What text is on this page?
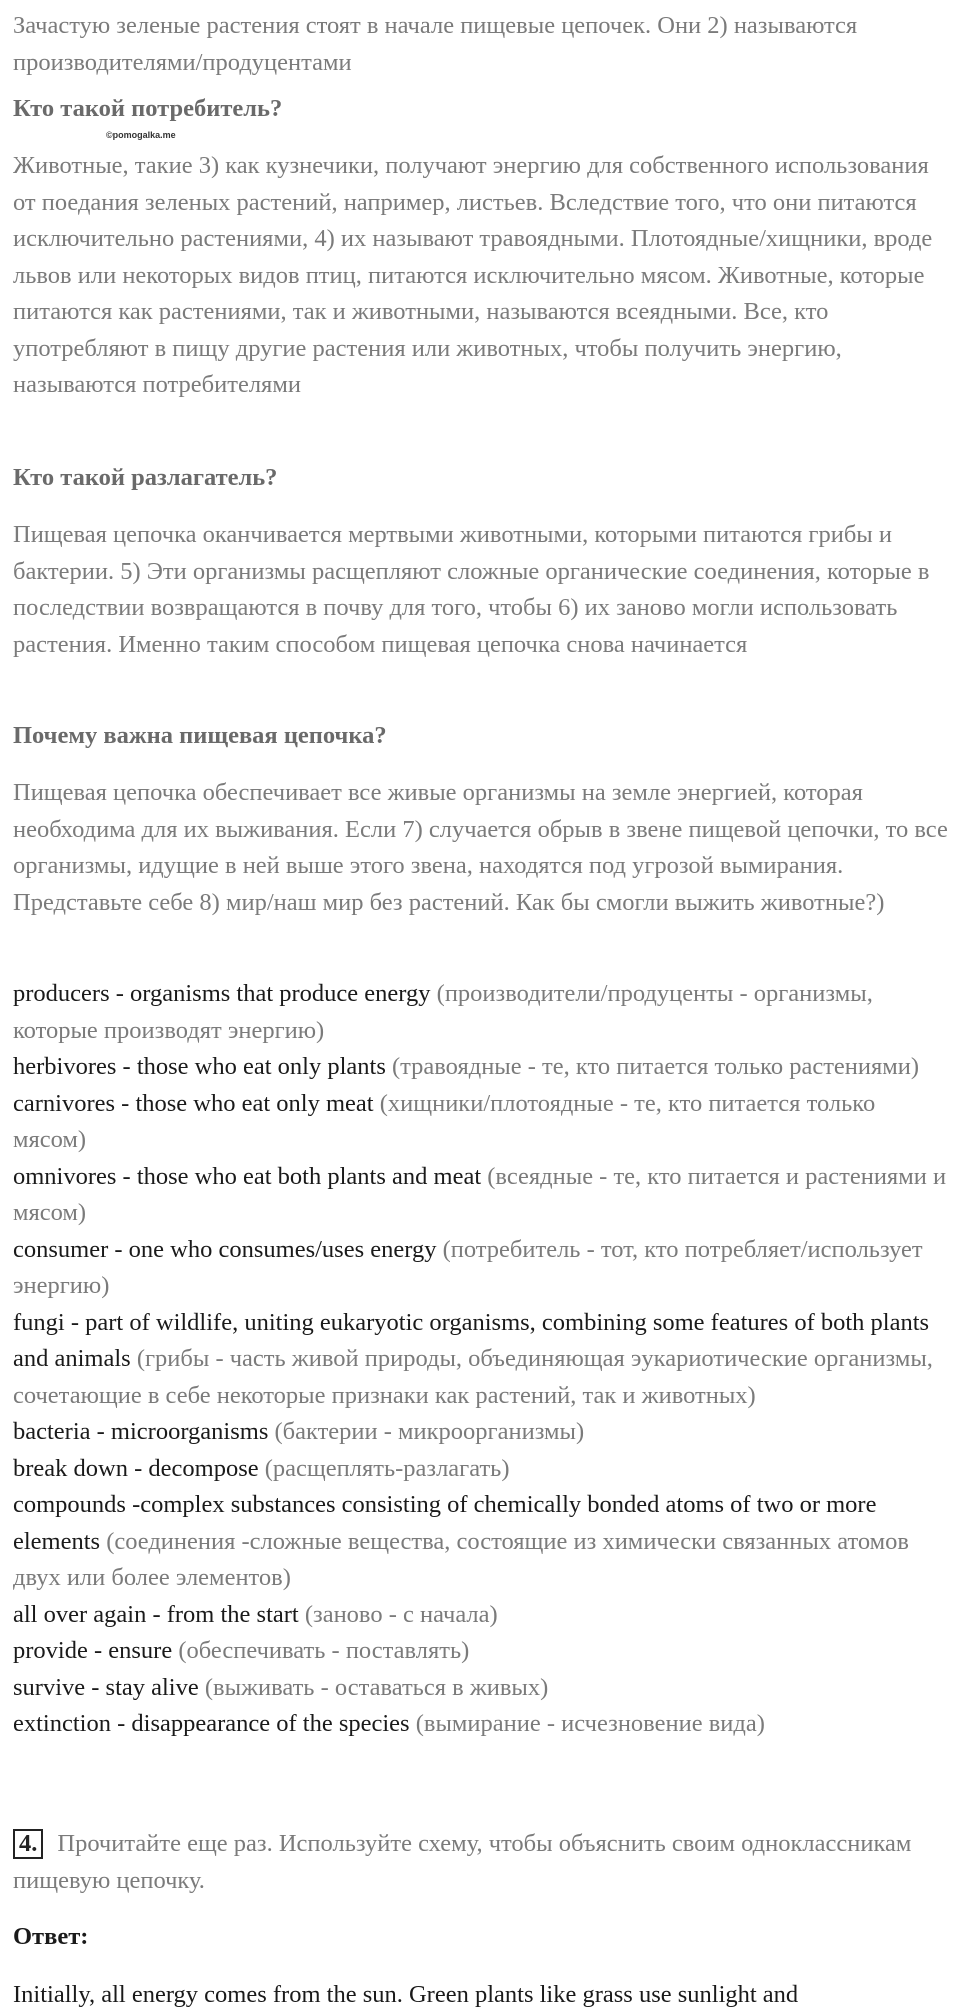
Зачастую зеленые растения стоят в начале пищевые цепочек. Они 2) называются производителями/продуцентами

Кто такой потребитель?

©pomogalka.me

Животные, такие 3) как кузнечики, получают энергию для собственного использования от поедания зеленых растений, например, листьев. Вследствие того, что они питаются исключительно растениями, 4) их называют травоядными. Плотоядные/хищники, вроде львов или некоторых видов птиц, питаются исключительно мясом. Животные, которые питаются как растениями, так и животными, называются всеядными. Все, кто употребляют в пищу другие растения или животных, чтобы получить энергию, называются потребителями

Кто такой разлагатель?

Пищевая цепочка оканчивается мертвыми животными, которыми питаются грибы и бактерии. 5) Эти организмы расщепляют сложные органические соединения, которые в последствии возвращаются в почву для того, чтобы 6) их заново могли использовать растения. Именно таким способом пищевая цепочка снова начинается

Почему важна пищевая цепочка?

Пищевая цепочка обеспечивает все живые организмы на земле энергией, которая необходима для их выживания. Если 7) случается обрыв в звене пищевой цепочки, то все организмы, идущие в ней выше этого звена, находятся под угрозой вымирания. Представьте себе 8) мир/наш мир без растений. Как бы смогли выжить животные?)

producers - organisms that produce energy (производители/продуценты - организмы, которые производят энергию)
herbivores - those who eat only plants (травоядные - те, кто питается только растениями)
carnivores - those who eat only meat (хищники/плотоядные - те, кто питается только мясом)
omnivores - those who eat both plants and meat (всеядные - те, кто питается и растениями и мясом)
consumer - one who consumes/uses energy (потребитель - тот, кто потребляет/использует энергию)
fungi - part of wildlife, uniting eukaryotic organisms, combining some features of both plants and animals (грибы - часть живой природы, объединяющая эукариотические организмы, сочетающие в себе некоторые признаки как растений, так и животных)
bacteria - microorganisms (бактерии - микроорганизмы)
break down - decompose (расщеплять-разлагать)
compounds -complex substances consisting of chemically bonded atoms of two or more elements (соединения -сложные вещества, состоящие из химически связанных атомов двух или более элементов)
all over again - from the start (заново - с начала)
provide - ensure (обеспечивать - поставлять)
survive - stay alive (выживать - оставаться в живых)
extinction - disappearance of the species (вымирание - исчезновение вида)

4. Прочитайте еще раз. Используйте схему, чтобы объяснить своим одноклассникам пищевую цепочку.

Ответ:

Initially, all energy comes from the sun. Green plants like grass use sunlight and
